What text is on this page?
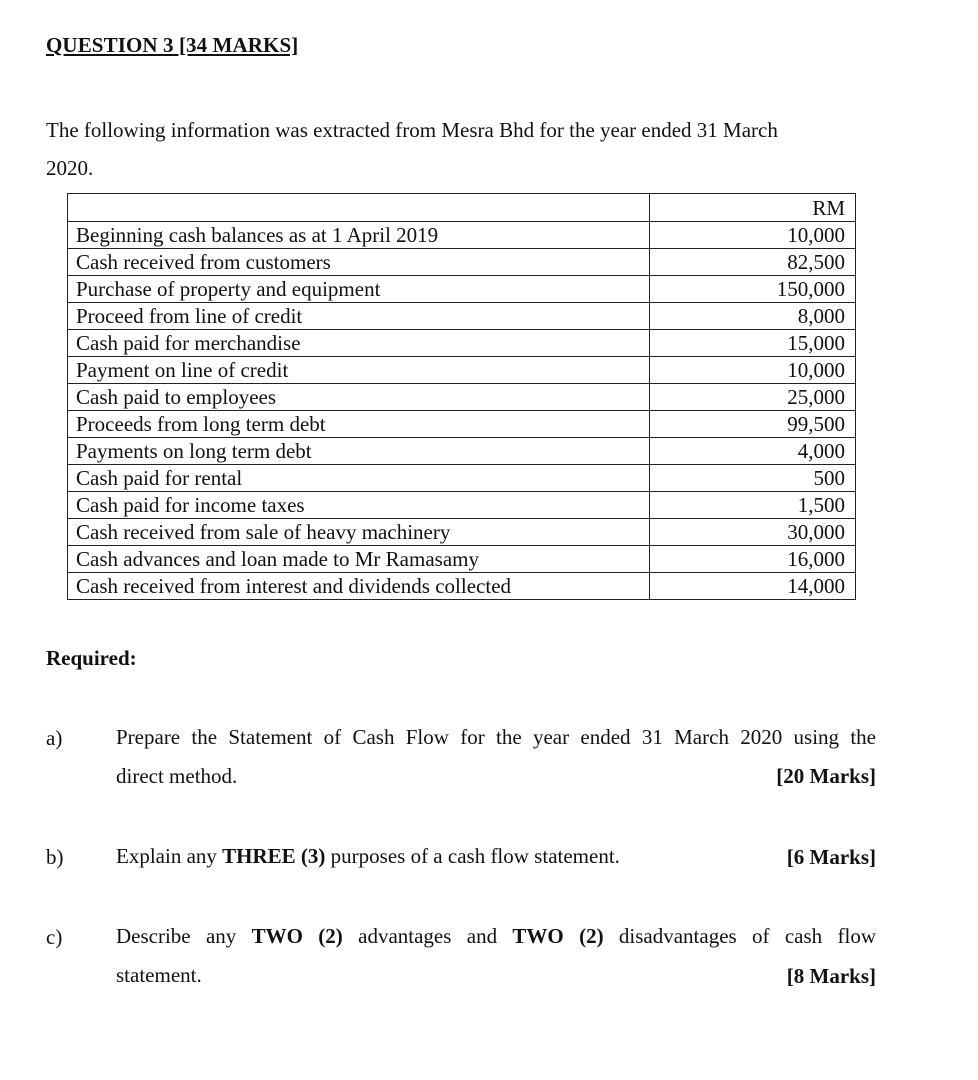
QUESTION 3 [34 MARKS]
The following information was extracted from Mesra Bhd for the year ended 31 March
2020.
	RM
Beginning cash balances as at 1 April 2019	10,000
Cash received from customers	82,500
Purchase of property and equipment	150,000
Proceed from line of credit	8,000
Cash paid for merchandise	15,000
Payment on line of credit	10,000
Cash paid to employees	25,000
Proceeds from long term debt	99,500
Payments on long term debt	4,000
Cash paid for rental	500
Cash paid for income taxes	1,500
Cash received from sale of heavy machinery	30,000
Cash advances and loan made to Mr Ramasamy	16,000
Cash received from interest and dividends collected	14,000
Required:
a)	Prepare the Statement of Cash Flow for the year ended 31 March 2020 using the
direct method.	[20 Marks]
b)	Explain any THREE (3) purposes of a cash flow statement.	[6 Marks]
c)	Describe any TWO (2) advantages and TWO (2) disadvantages of cash flow
statement.	[8 Marks]
